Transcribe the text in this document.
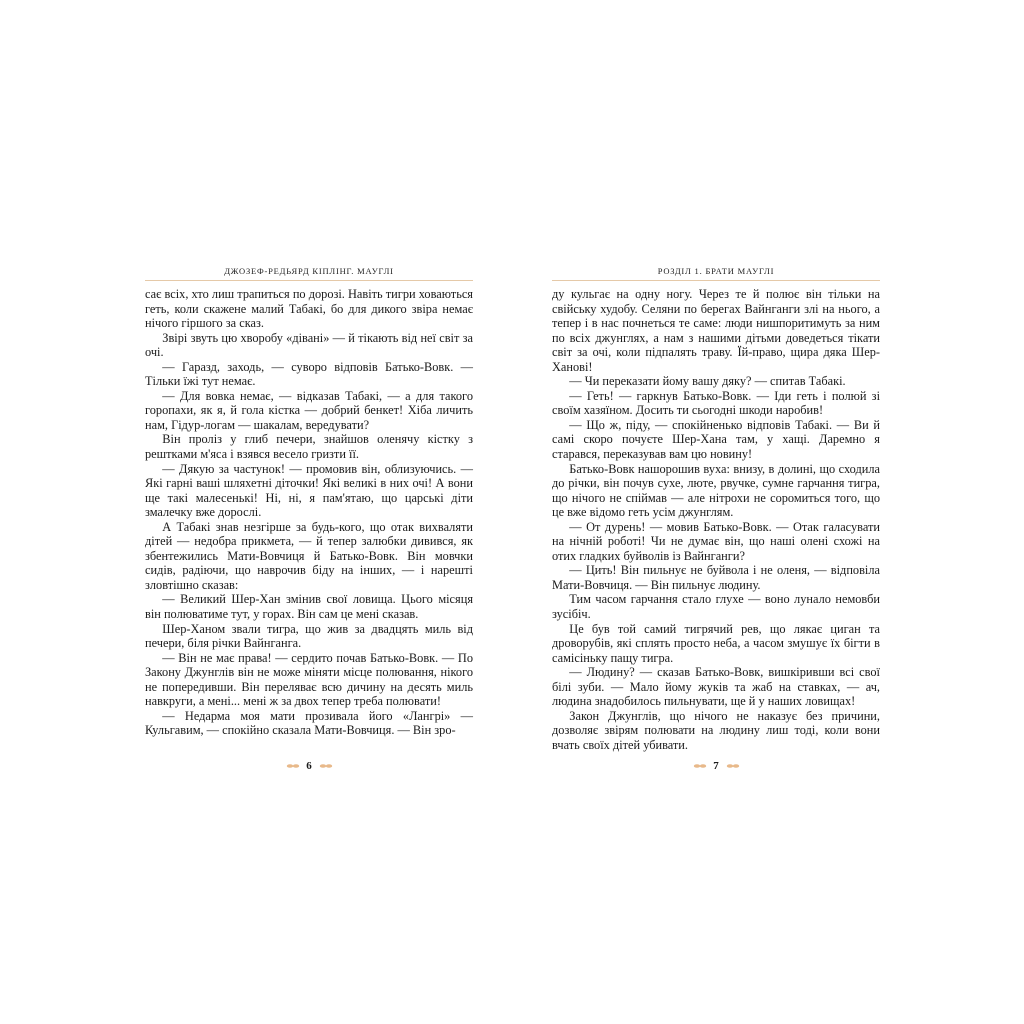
ДЖОЗЕФ-РЕДЬЯРД КІПЛІНГ. МАУГЛІ

сає всіх, хто лиш трапиться по дорозі. Навіть тигри ховаються геть, коли скажене малий Табакі, бо для дикого звіра немає нічого гіршого за сказ.

Звірі звуть цю хворобу «дівані» — й тікають від неї світ за очі.

— Гаразд, заходь, — суворо відповів Батько-Вовк. — Тільки їжі тут немає.

— Для вовка немає, — відказав Табакі, — а для такого горопахи, як я, й гола кістка — добрий бенкет! Хіба личить нам, Гідур-логам — шакалам, вередувати?

Він проліз у глиб печери, знайшов оленячу кістку з рештками м'яса і взявся весело гризти її.

— Дякую за частунок! — промовив він, облизуючись. — Які гарні ваші шляхетні діточки! Які великі в них очі! А вони ще такі малесенькі! Ні, ні, я пам'ятаю, що царські діти змалечку вже дорослі.

А Табакі знав незгірше за будь-кого, що отак вихваляти дітей — недобра прикмета, — й тепер залюбки дивився, як збентежились Мати-Вовчиця й Батько-Вовк. Він мовчки сидів, радіючи, що наврочив біду на інших, — і нарешті зловтішно сказав:

— Великий Шер-Хан змінив свої ловища. Цього місяця він полюватиме тут, у горах. Він сам це мені сказав.

Шер-Ханом звали тигра, що жив за двадцять миль від печери, біля річки Вайнгангa.

— Він не має права! — сердито почав Батько-Вовк. — По Закону Джунглів він не може міняти місце полювання, нікого не попередивши. Він переляває всю дичину на десять миль навкруги, а мені... мені ж за двох тепер треба полювати!

— Недарма моя мати прозивала його «Лангрі» — Кульгавим, — спокійно сказала Мати-Вовчиця. — Він зро-

6
РОЗДІЛ 1. БРАТИ МАУГЛІ

ду кульгає на одну ногу. Через те й полює він тільки на свійську худобу. Селяни по берегах Вайнганги злі на нього, а тепер і в нас почнеться те саме: люди нишпоритимуть за ним по всіх джунглях, а нам з нашими дітьми доведеться тікати світ за очі, коли підпалять траву. Їй-право, щира дяка Шер-Ханові!

— Чи переказати йому вашу дяку? — спитав Табакі.

— Геть! — гаркнув Батько-Вовк. — Іди геть і полюй зі своїм хазяїном. Досить ти сьогодні шкоди наробив!

— Що ж, піду, — спокійненько відповів Табакі. — Ви й самі скоро почуєте Шер-Хана там, у хащі. Даремно я старався, переказував вам цю новину!

Батько-Вовк нашорошив вуха: внизу, в долині, що сходила до річки, він почув сухе, люте, рвучке, сумне гарчання тигра, що нічого не спіймав — але нітрохи не соромиться того, що це вже відомо геть усім джунглям.

— От дурень! — мовив Батько-Вовк. — Отак галасувати на нічній роботі! Чи не думає він, що наші олені схожі на отих гладких буйволів із Вайнганги?

— Цить! Він пильнує не буйвола і не оленя, — відповіла Мати-Вовчиця. — Він пильнує людину.

Тим часом гарчання стало глухе — воно лунало немовби зусібіч.

Це був той самий тигрячий рев, що лякає циган та дроворубів, які сплять просто неба, а часом змушує їх бігти в самісіньку пащу тигра.

— Людину? — сказав Батько-Вовк, вишкіривши всі свої білі зуби. — Мало йому жуків та жаб на ставках, — ач, людина знадобилось пильнувати, ще й у наших ловищах!

Закон Джунглів, що нічого не наказує без причини, дозволяє звірям полювати на людину лиш тоді, коли вони вчать своїх дітей убивати.

7
